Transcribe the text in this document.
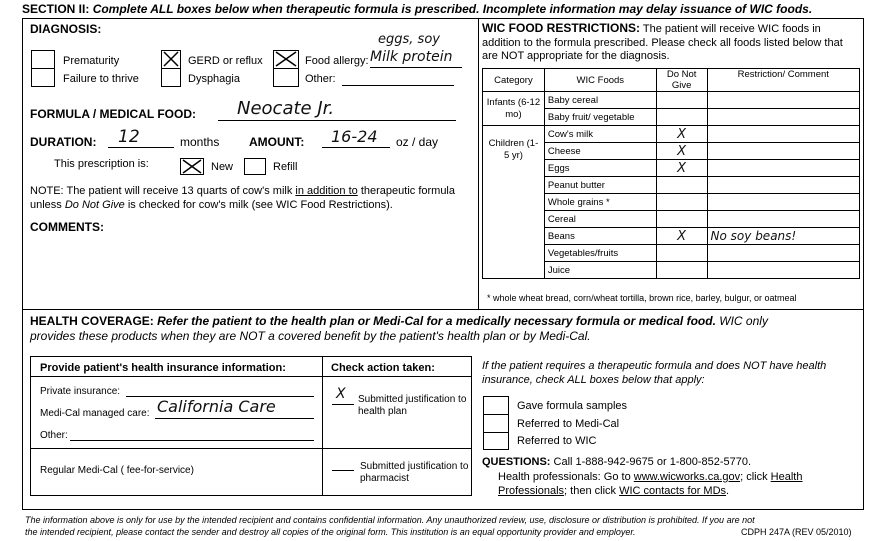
SECTION II: Complete ALL boxes below when therapeutic formula is prescribed. Incomplete information may delay issuance of WIC foods.
DIAGNOSIS:
Prematurity
Failure to thrive
GERD or reflux
Dysphagia
Food allergy:
eggs, soy
Milk protein
Other:
FORMULA / MEDICAL FOOD: Neocate Jr.
DURATION: 12	months AMOUNT: 16-24 oz / day
This prescription is:	New	Refill
NOTE: The patient will receive 13 quarts of cow's milk in addition to therapeutic formula unless Do Not Give is checked for cow's milk (see WIC Food Restrictions).
COMMENTS:
WIC FOOD RESTRICTIONS: The patient will receive WIC foods in addition to the formula prescribed. Please check all foods listed below that are NOT appropriate for the diagnosis.
Category	WIC Foods	Do Not Give	Restriction/ Comment
Infants (6-12 mo)	Baby cereal		
	Baby fruit/ vegetable		
Children (1-5 yr)	Cow's milk	X	
	Cheese	X	
	Eggs	X	
	Peanut butter		
	Whole grains *		
	Cereal		
	Beans	X	No soy beans!
	Vegetables/fruits		
	Juice		
* whole wheat bread, corn/wheat tortilla, brown rice, barley, bulgur, or oatmeal
HEALTH COVERAGE: Refer the patient to the health plan or Medi-Cal for a medically necessary formula or medical food. WIC only
provides these products when they are NOT a covered benefit by the patient's health plan or by Medi-Cal.
Provide patient's health insurance information:	Check action taken:
Private insurance:
Medi-Cal managed care: California Care
Other:
Regular Medi-Cal ( fee-for-service)
X Submitted justification to health plan
Submitted justification to pharmacist
If the patient requires a therapeutic formula and does NOT have health insurance, check ALL boxes below that apply:
Gave formula samples
Referred to Medi-Cal
Referred to WIC
QUESTIONS: Call 1-888-942-9675 or 1-800-852-5770.
Health professionals: Go to www.wicworks.ca.gov; click Health Professionals; then click WIC contacts for MDs.
The information above is only for use by the intended recipient and contains confidential information. Any unauthorized review, use, disclosure or distribution is prohibited. If you are not
the intended recipient, please contact the sender and destroy all copies of the original form. This institution is an equal opportunity provider and employer.	CDPH 247A (REV 05/2010)
